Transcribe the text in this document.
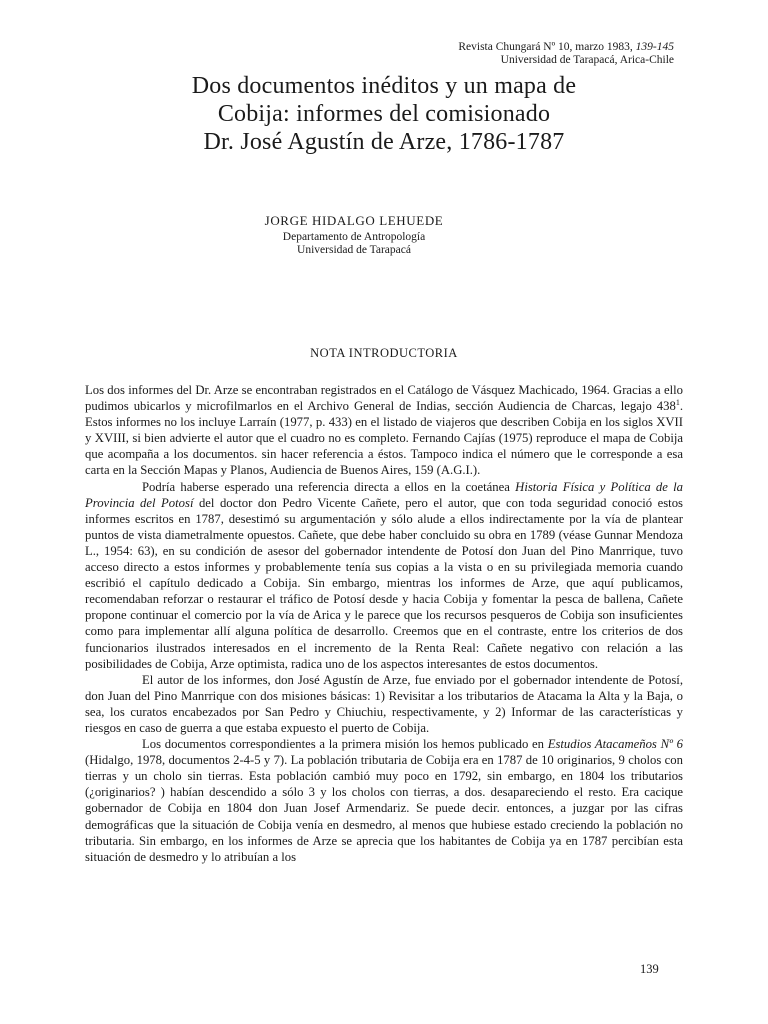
Revista Chungará Nº 10, marzo 1983, 139-145
Universidad de Tarapacá, Arica-Chile
Dos documentos inéditos y un mapa de
Cobija: informes del comisionado
Dr. José Agustín de Arze, 1786-1787
JORGE HIDALGO LEHUEDE
Departamento de Antropología
Universidad de Tarapacá
NOTA INTRODUCTORIA

Los dos informes del Dr. Arze se encontraban registrados en el Catálogo de Vásquez Machicado, 1964. Gracias a ello pudimos ubicarlos y microfilmarlos en el Archivo General de Indias, sección Audiencia de Charcas, legajo $438^1$. Estos informes no los incluye Larraín (1977, p. 433) en el listado de viajeros que describen Cobija en los siglos XVII y XVIII, si bien advierte el autor que el cuadro no es completo. Fernando Cajías (1975) reproduce el mapa de Cobija que acompaña a los documentos. sin hacer referencia a éstos. Tampoco indica el número que le corresponde a esa carta en la Sección Mapas y Planos, Audiencia de Buenos Aires, 159 (A.G.I.).

Podría haberse esperado una referencia directa a ellos en la coetánea Historia Física y Política de la Provincia del Potosí del doctor don Pedro Vicente Cañete, pero el autor, que con toda seguridad conoció estos informes escritos en 1787, desestimó su argumentación y sólo alude a ellos indirectamente por la vía de plantear puntos de vista diametralmente opuestos. Cañete, que debe haber concluido su obra en 1789 (véase Gunnar Mendoza L., 1954: 63), en su condición de asesor del gobernador intendente de Potosí don Juan del Pino Manrrique, tuvo acceso directo a estos informes y probablemente tenía sus copias a la vista o en su privilegiada memoria cuando escribió el capítulo dedicado a Cobija. Sin embargo, mientras los informes de Arze, que aquí publicamos, recomendaban reforzar o restaurar el tráfico de Potosí desde y hacia Cobija y fomentar la pesca de ballena, Cañete propone continuar el comercio por la vía de Arica y le parece que los recursos pesqueros de Cobija son insuficientes como para implementar allí alguna política de desarrollo. Creemos que en el contraste, entre los criterios de dos funcionarios ilustrados interesados en el incremento de la Renta Real: Cañete negativo con relación a las posibilidades de Cobija, Arze optimista, radica uno de los aspectos interesantes de estos documentos.

El autor de los informes, don José Agustín de Arze, fue enviado por el gobernador intendente de Potosí, don Juan del Pino Manrrique con dos misiones básicas: 1) Revisitar a los tributarios de Atacama la Alta y la Baja, o sea, los curatos encabezados por San Pedro y Chiuchiu, respectivamente, y 2) Informar de las características y riesgos en caso de guerra a que estaba expuesto el puerto de Cobija.

Los documentos correspondientes a la primera misión los hemos publicado en Estudios Atacameños Nº 6 (Hidalgo, 1978, documentos 2-4-5 y 7). La población tributaria de Cobija era en 1787 de 10 originarios, 9 cholos con tierras y un cholo sin tierras. Esta población cambió muy poco en 1792, sin embargo, en 1804 los tributarios (¿originarios? ) habían descendido a sólo 3 y los cholos con tierras, a dos. desapareciendo el resto. Era cacique gobernador de Cobija en 1804 don Juan Josef Armendariz. Se puede decir. entonces, a juzgar por las cifras demográficas que la situación de Cobija venía en desmedro, al menos que hubiese estado creciendo la población no tributaria. Sin embargo, en los informes de Arze se aprecia que los habitantes de Cobija ya en 1787 percibían esta situación de desmedro y lo atribuían a los

139
